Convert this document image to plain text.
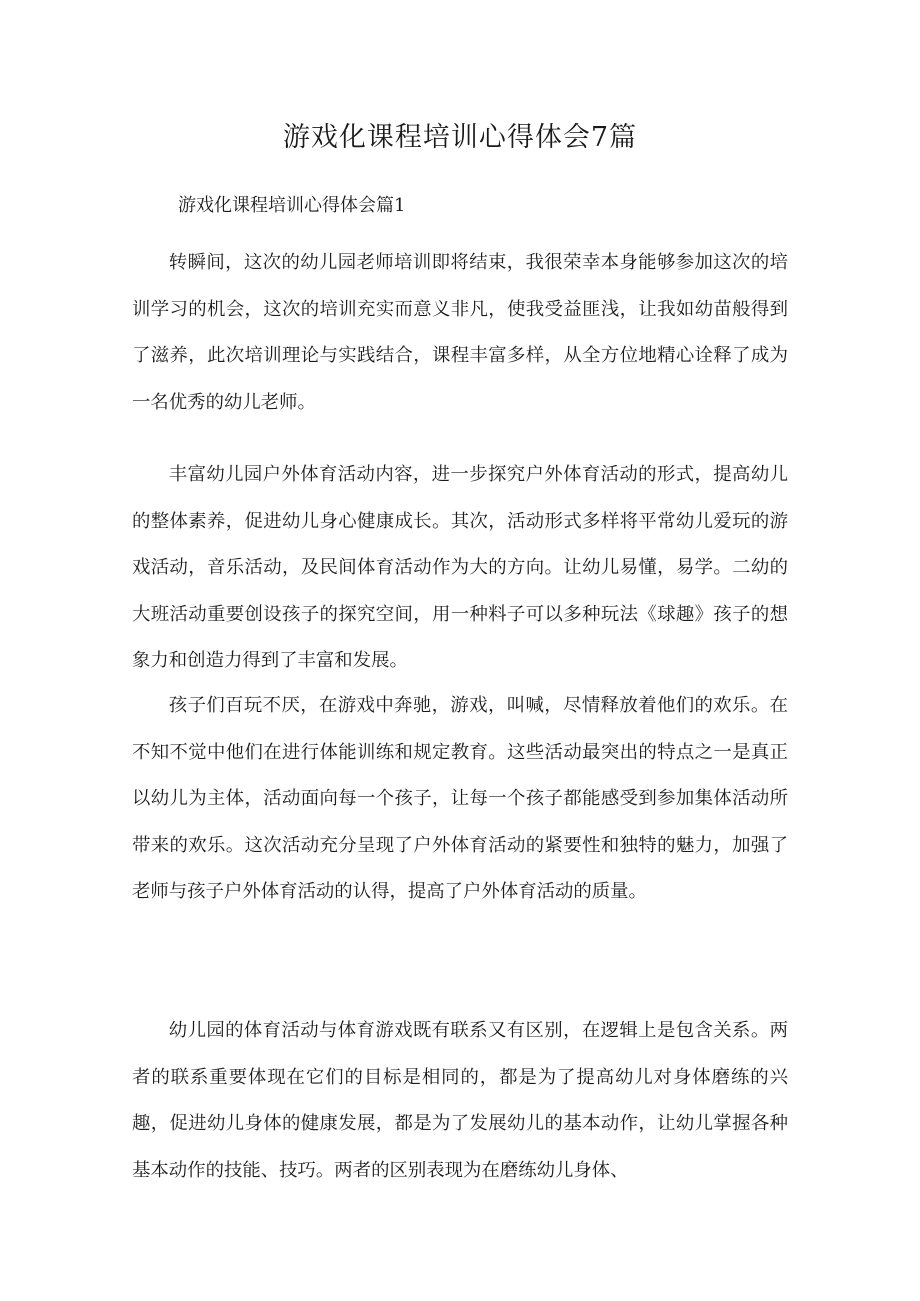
游戏化课程培训心得体会7篇
游戏化课程培训心得体会篇1

转瞬间，这次的幼儿园老师培训即将结束，我很荣幸本身能够参加这次的培训学习的机会，这次的培训充实而意义非凡，使我受益匪浅，让我如幼苗般得到了滋养，此次培训理论与实践结合，课程丰富多样，从全方位地精心诠释了成为一名优秀的幼儿老师。

丰富幼儿园户外体育活动内容，进一步探究户外体育活动的形式，提高幼儿的整体素养，促进幼儿身心健康成长。其次，活动形式多样将平常幼儿爱玩的游戏活动，音乐活动，及民间体育活动作为大的方向。让幼儿易懂，易学。二幼的大班活动重要创设孩子的探究空间，用一种料子可以多种玩法《球趣》孩子的想象力和创造力得到了丰富和发展。

孩子们百玩不厌，在游戏中奔驰，游戏，叫喊，尽情释放着他们的欢乐。在不知不觉中他们在进行体能训练和规定教育。这些活动最突出的特点之一是真正以幼儿为主体，活动面向每一个孩子，让每一个孩子都能感受到参加集体活动所带来的欢乐。这次活动充分呈现了户外体育活动的紧要性和独特的魅力，加强了老师与孩子户外体育活动的认得，提高了户外体育活动的质量。

幼儿园的体育活动与体育游戏既有联系又有区别，在逻辑上是包含关系。两者的联系重要体现在它们的目标是相同的，都是为了提高幼儿对身体磨练的兴趣，促进幼儿身体的健康发展，都是为了发展幼儿的基本动作，让幼儿掌握各种基本动作的技能、技巧。两者的区别表现为在磨练幼儿身体、
